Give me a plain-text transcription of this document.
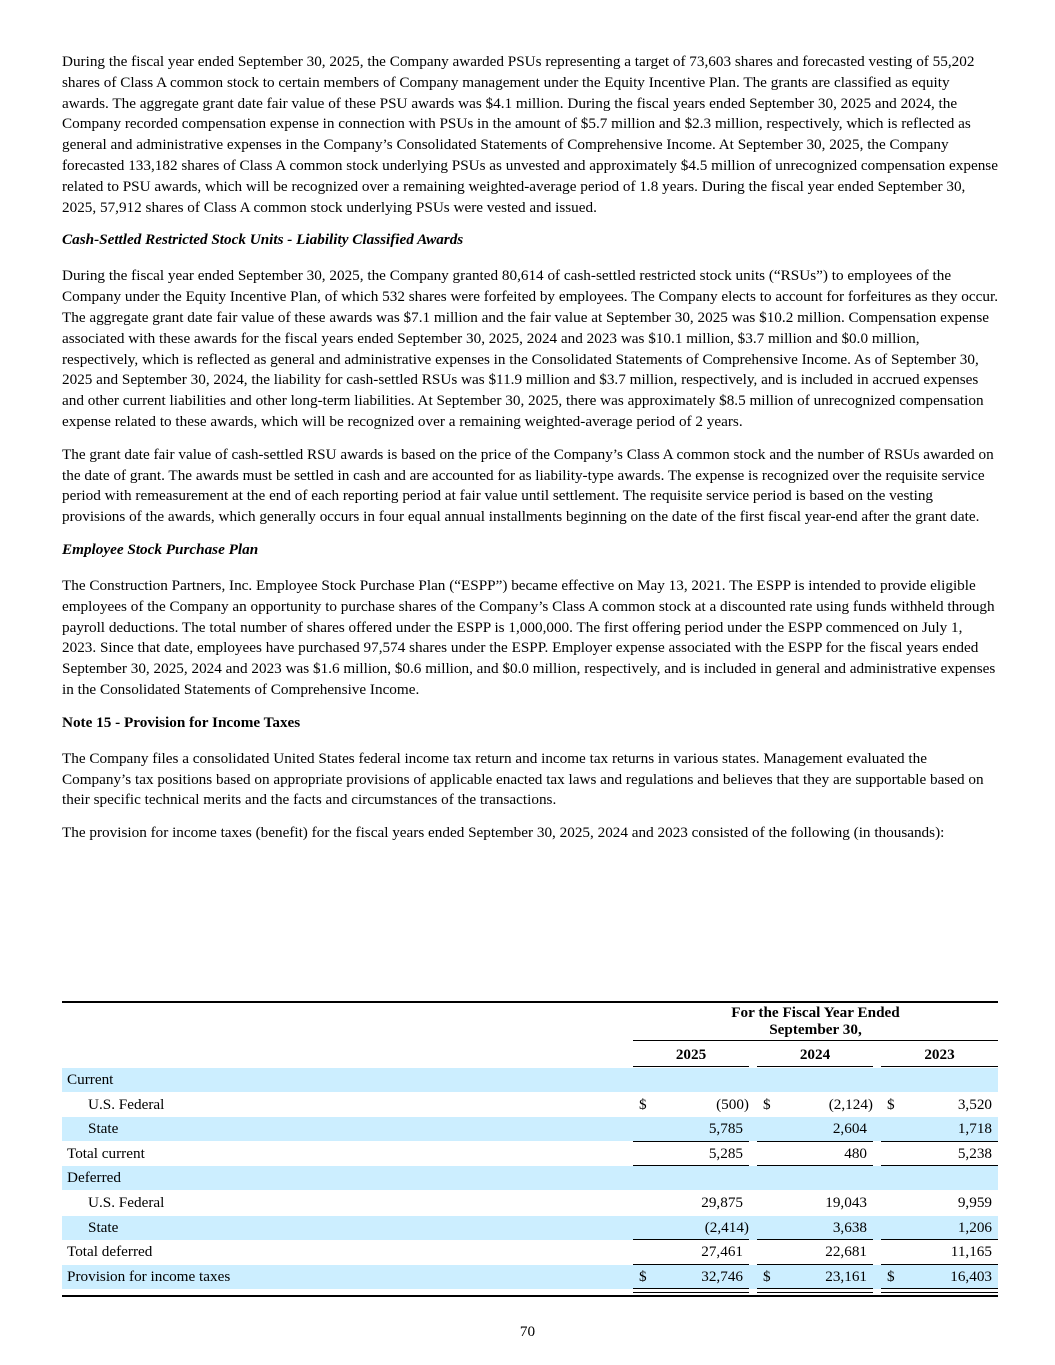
During the fiscal year ended September 30, 2025, the Company awarded PSUs representing a target of 73,603 shares and forecasted vesting of 55,202 shares of Class A common stock to certain members of Company management under the Equity Incentive Plan. The grants are classified as equity awards. The aggregate grant date fair value of these PSU awards was $4.1 million. During the fiscal years ended September 30, 2025 and 2024, the Company recorded compensation expense in connection with PSUs in the amount of $5.7 million and $2.3 million, respectively, which is reflected as general and administrative expenses in the Company’s Consolidated Statements of Comprehensive Income. At September 30, 2025, the Company forecasted 133,182 shares of Class A common stock underlying PSUs as unvested and approximately $4.5 million of unrecognized compensation expense related to PSU awards, which will be recognized over a remaining weighted-average period of 1.8 years. During the fiscal year ended September 30, 2025, 57,912 shares of Class A common stock underlying PSUs were vested and issued.

Cash-Settled Restricted Stock Units - Liability Classified Awards

During the fiscal year ended September 30, 2025, the Company granted 80,614 of cash-settled restricted stock units (“RSUs”) to employees of the Company under the Equity Incentive Plan, of which 532 shares were forfeited by employees. The Company elects to account for forfeitures as they occur. The aggregate grant date fair value of these awards was $7.1 million and the fair value at September 30, 2025 was $10.2 million. Compensation expense associated with these awards for the fiscal years ended September 30, 2025, 2024 and 2023 was $10.1 million, $3.7 million and $0.0 million, respectively, which is reflected as general and administrative expenses in the Consolidated Statements of Comprehensive Income. As of September 30, 2025 and September 30, 2024, the liability for cash-settled RSUs was $11.9 million and $3.7 million, respectively, and is included in accrued expenses and other current liabilities and other long-term liabilities. At September 30, 2025, there was approximately $8.5 million of unrecognized compensation expense related to these awards, which will be recognized over a remaining weighted-average period of 2 years.

The grant date fair value of cash-settled RSU awards is based on the price of the Company’s Class A common stock and the number of RSUs awarded on the date of grant. The awards must be settled in cash and are accounted for as liability-type awards. The expense is recognized over the requisite service period with remeasurement at the end of each reporting period at fair value until settlement. The requisite service period is based on the vesting provisions of the awards, which generally occurs in four equal annual installments beginning on the date of the first fiscal year-end after the grant date.

Employee Stock Purchase Plan

The Construction Partners, Inc. Employee Stock Purchase Plan (“ESPP”) became effective on May 13, 2021. The ESPP is intended to provide eligible employees of the Company an opportunity to purchase shares of the Company’s Class A common stock at a discounted rate using funds withheld through payroll deductions. The total number of shares offered under the ESPP is 1,000,000. The first offering period under the ESPP commenced on July 1, 2023. Since that date, employees have purchased 97,574 shares under the ESPP. Employer expense associated with the ESPP for the fiscal years ended September 30, 2025, 2024 and 2023 was $1.6 million, $0.6 million, and $0.0 million, respectively, and is included in general and administrative expenses in the Consolidated Statements of Comprehensive Income.

Note 15 - Provision for Income Taxes

The Company files a consolidated United States federal income tax return and income tax returns in various states. Management evaluated the Company’s tax positions based on appropriate provisions of applicable enacted tax laws and regulations and believes that they are supportable based on their specific technical merits and the facts and circumstances of the transactions.

The provision for income taxes (benefit) for the fiscal years ended September 30, 2025, 2024 and 2023 consisted of the following (in thousands):

For the Fiscal Year Ended
September 30,
2025	2024	2023
Current
U.S. Federal	$	(500) $	(2,124) $	3,520
State	5,785	2,604	1,718
Total current	5,285	480	5,238
Deferred
U.S. Federal	29,875	19,043	9,959
State	(2,414)	3,638	1,206
Total deferred	27,461	22,681	11,165
Provision for income taxes	$	32,746 $	23,161 $	16,403
70
